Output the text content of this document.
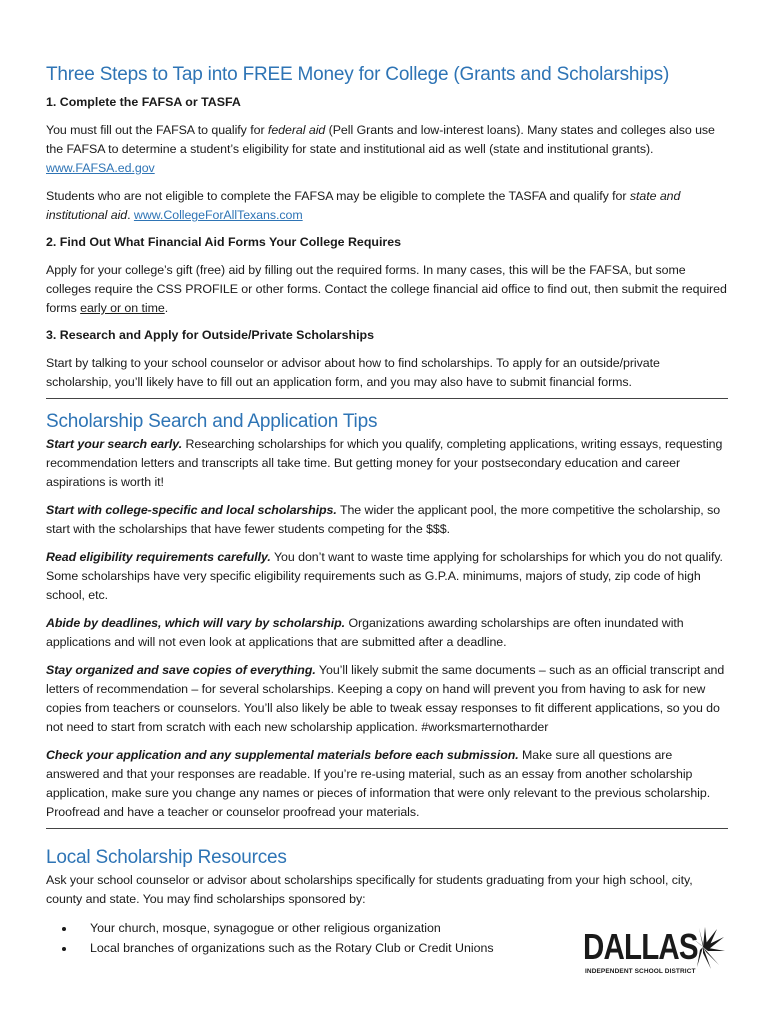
Three Steps to Tap into FREE Money for College (Grants and Scholarships)
1. Complete the FAFSA or TASFA

You must fill out the FAFSA to qualify for federal aid (Pell Grants and low-interest loans). Many states and colleges also use the FAFSA to determine a student’s eligibility for state and institutional aid as well (state and institutional grants). www.FAFSA.ed.gov

Students who are not eligible to complete the FAFSA may be eligible to complete the TASFA and qualify for state and institutional aid. www.CollegeForAllTexans.com

2. Find Out What Financial Aid Forms Your College Requires

Apply for your college’s gift (free) aid by filling out the required forms. In many cases, this will be the FAFSA, but some colleges require the CSS PROFILE or other forms. Contact the college financial aid office to find out, then submit the required forms early or on time.

3. Research and Apply for Outside/Private Scholarships

Start by talking to your school counselor or advisor about how to find scholarships. To apply for an outside/private scholarship, you’ll likely have to fill out an application form, and you may also have to submit financial forms.

Scholarship Search and Application Tips

Start your search early. Researching scholarships for which you qualify, completing applications, writing essays, requesting recommendation letters and transcripts all take time. But getting money for your postsecondary education and career aspirations is worth it!

Start with college-specific and local scholarships. The wider the applicant pool, the more competitive the scholarship, so start with the scholarships that have fewer students competing for the $$$.

Read eligibility requirements carefully. You don’t want to waste time applying for scholarships for which you do not qualify. Some scholarships have very specific eligibility requirements such as G.P.A. minimums, majors of study, zip code of high school, etc.

Abide by deadlines, which will vary by scholarship. Organizations awarding scholarships are often inundated with applications and will not even look at applications that are submitted after a deadline.

Stay organized and save copies of everything. You’ll likely submit the same documents – such as an official transcript and letters of recommendation – for several scholarships. Keeping a copy on hand will prevent you from having to ask for new copies from teachers or counselors. You’ll also likely be able to tweak essay responses to fit different applications, so you do not need to start from scratch with each new scholarship application. #worksmarternotharder

Check your application and any supplemental materials before each submission. Make sure all questions are answered and that your responses are readable. If you’re re-using material, such as an essay from another scholarship application, make sure you change any names or pieces of information that were only relevant to the previous scholarship. Proofread and have a teacher or counselor proofread your materials.

Local Scholarship Resources

Ask your school counselor or advisor about scholarships specifically for students graduating from your high school, city, county and state. You may find scholarships sponsored by:

• Your church, mosque, synagogue or other religious organization
• Local branches of organizations such as the Rotary Club or Credit Unions	DALLAS
INDEPENDENT SCHOOL DISTRICT
